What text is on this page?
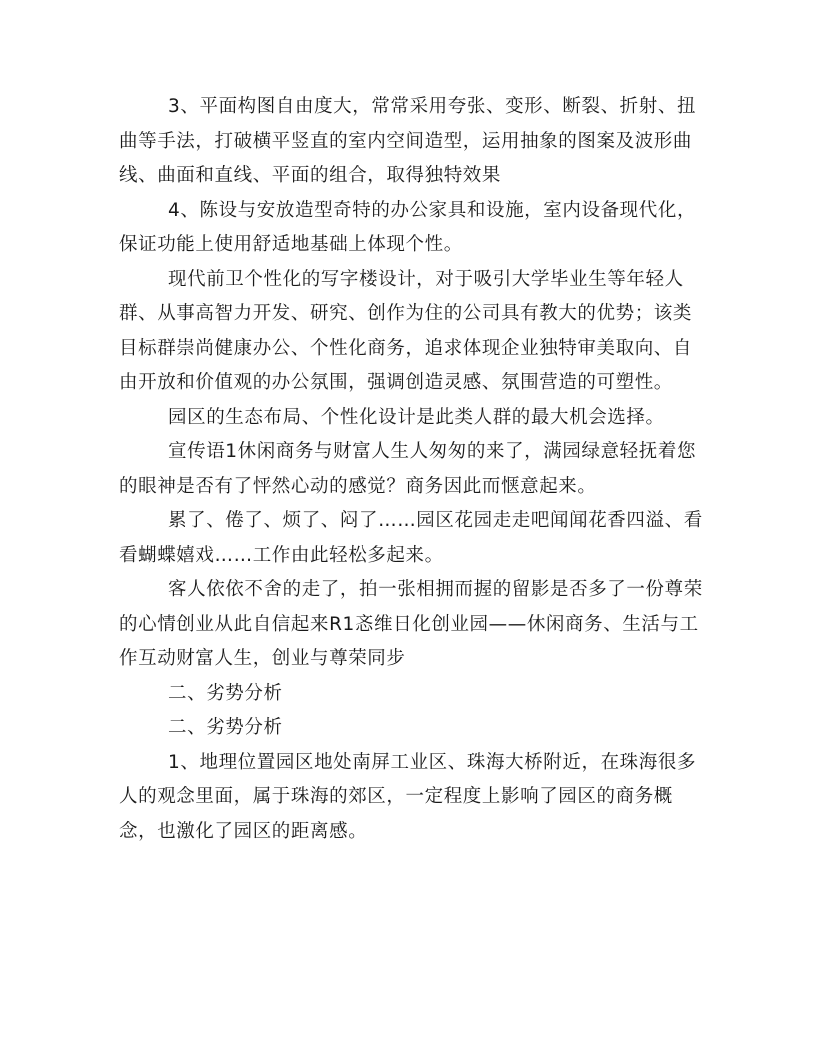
3、平面构图自由度大，常常采用夸张、变形、断裂、折射、扭曲等手法，打破横平竖直的室内空间造型，运用抽象的图案及波形曲线、曲面和直线、平面的组合，取得独特效果

4、陈设与安放造型奇特的办公家具和设施，室内设备现代化，保证功能上使用舒适地基础上体现个性。

现代前卫个性化的写字楼设计，对于吸引大学毕业生等年轻人群、从事高智力开发、研究、创作为住的公司具有教大的优势；该类目标群崇尚健康办公、个性化商务，追求体现企业独特审美取向、自由开放和价值观的办公氛围，强调创造灵感、氛围营造的可塑性。

园区的生态布局、个性化设计是此类人群的最大机会选择。

宣传语1休闲商务与财富人生人匆匆的来了，满园绿意轻抚着您的眼神是否有了怦然心动的感觉？商务因此而惬意起来。

累了、倦了、烦了、闷了……园区花园走走吧闻闻花香四溢、看看蝴蝶嬉戏……工作由此轻松多起来。

客人依依不舍的走了，拍一张相拥而握的留影是否多了一份尊荣的心情创业从此自信起来R1忞维日化创业园——休闲商务、生活与工作互动财富人生，创业与尊荣同步

二、劣势分析

二、劣势分析

1、地理位置园区地处南屏工业区、珠海大桥附近，在珠海很多人的观念里面，属于珠海的郊区，一定程度上影响了园区的商务概念，也激化了园区的距离感。
